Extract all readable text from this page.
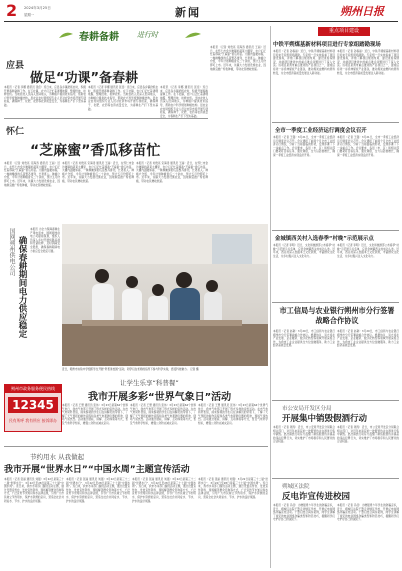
2 2024年3月25日
星期一	新闻	朔州日报
春耕备耕	进行时
应县
做足“功课”备春耕
本报讯（记者 李娜 通讯员 张佳）连日来，应县各乡镇抢抓农时，积极开展春耕备耕工作。在下社镇，农户们正忙着清理地膜、整理田地、检修农机。当地农技人员深入田间地头，为种植户提供技术指导，帮助农户科学规划种植结构。县农业农村局组织专业人员对农资市场开展专项检查，确保种子、化肥、农药等农资质量安全，为春耕生产打下坚实基础。
本报讯（记者 李娜 通讯员 张佳）连日来，应县各乡镇抢抓农时，积极开展春耕备耕工作。在下社镇，农户们正忙着清理地膜、整理田地、检修农机。当地农技人员深入田间地头，为种植户提供技术指导，帮助农户科学规划种植结构。县农业农村局组织专业人员对农资市场开展专项检查，确保种子、化肥、农药等农资质量安全，为春耕生产打下坚实基础。
本报讯（记者 李娜 通讯员 张佳）连日来，应县各乡镇抢抓农时，积极开展春耕备耕工作。在下社镇，农户们正忙着清理地膜、整理田地、检修农机。当地农技人员深入田间地头，为种植户提供技术指导，帮助农户科学规划种植结构。县农业农村局组织专业人员对农资市场开展专项检查，确保种子、化肥、农药等农资质量安全，为春耕生产打下坚实基础。
本报讯（记者 刘贵亮 宋海涛 通讯员 王丽）近日，在怀仁市金沙滩镇的蔬菜大棚里，农户们正忙着移栽“芝麻蜜”香瓜幼苗。大棚内温暖如春，一株株嫩绿的瓜苗整齐排列，长势喜人。种植户介绍，今年计划种植香瓜二十余亩，预计五月份即可上市。近年来，该镇大力发展设施农业，因地制宜推广特色种植，带动农民增收致富。
怀仁
“芝麻蜜”香瓜移苗忙
本报讯（记者 刘贵亮 宋海涛 通讯员 王丽）近日，在怀仁市金沙滩镇的蔬菜大棚里，农户们正忙着移栽“芝麻蜜”香瓜幼苗。大棚内温暖如春，一株株嫩绿的瓜苗整齐排列，长势喜人。种植户介绍，今年计划种植香瓜二十余亩，预计五月份即可上市。近年来，该镇大力发展设施农业，因地制宜推广特色种植，带动农民增收致富。
本报讯（记者 刘贵亮 宋海涛 通讯员 王丽）近日，在怀仁市金沙滩镇的蔬菜大棚里，农户们正忙着移栽“芝麻蜜”香瓜幼苗。大棚内温暖如春，一株株嫩绿的瓜苗整齐排列，长势喜人。种植户介绍，今年计划种植香瓜二十余亩，预计五月份即可上市。近年来，该镇大力发展设施农业，因地制宜推广特色种植，带动农民增收致富。
本报讯（记者 刘贵亮 宋海涛 通讯员 王丽）近日，在怀仁市金沙滩镇的蔬菜大棚里，农户们正忙着移栽“芝麻蜜”香瓜幼苗。大棚内温暖如春，一株株嫩绿的瓜苗整齐排列，长势喜人。种植户介绍，今年计划种植香瓜二十余亩，预计五月份即可上市。近年来，该镇大力发展设施农业，因地制宜推广特色种植，带动农民增收致富。
国网朔州供电公司 确保春耕期间电力供应稳定
本报讯 为全力保障春耕生产用电需求，国网朔州供电公司提前谋划，组织人员深入乡村开展线路巡视和设备检修，及时消除安全隐患，确保春耕期间电力供应安全稳定可靠。
朔州市政务服务便民热线
12345
民有所呼 我有所应 接诉即办
近日，朔州市实验中学组织学生开展“科普进校园”活动，同学们在老师的指导下参与科学实验，感受科技魅力。 记者 摄
让学生乐享“科普餐”
我市开展多彩“世界气象日”活动
本报讯（记者 王慧 通讯员 张伟）3月23日是第64个世界气象日，我市气象部门开展了形式多样的宣传活动。在市气象局科普馆，前来参观的学生们在讲解员的带领下，了解了天气预报的制作流程和各类气象观测仪器的用途，现场气氛热烈。活动通过展板、讲解、互动体验等方式，普及气象科学知识，增强公众防灾减灾意识。
本报讯（记者 王慧 通讯员 张伟）3月23日是第64个世界气象日，我市气象部门开展了形式多样的宣传活动。在市气象局科普馆，前来参观的学生们在讲解员的带领下，了解了天气预报的制作流程和各类气象观测仪器的用途，现场气氛热烈。活动通过展板、讲解、互动体验等方式，普及气象科学知识，增强公众防灾减灾意识。
本报讯（记者 王慧 通讯员 张伟）3月23日是第64个世界气象日，我市气象部门开展了形式多样的宣传活动。在市气象局科普馆，前来参观的学生们在讲解员的带领下，了解了天气预报的制作流程和各类气象观测仪器的用途，现场气氛热烈。活动通过展板、讲解、互动体验等方式，普及气象科学知识，增强公众防灾减灾意识。
节约用水 从我做起
我市开展“世界水日”“中国水周”主题宣传活动
本报讯（记者 张丽 通讯员 刘强）3月22日是第三十二届“世界水日”，3月22日至28日是第三十七届“中国水周”。连日来，我市水务部门围绕活动主题，通过设置宣传台、发放宣传资料、现场解答群众咨询等方式，广泛宣传节水知识和水法律法规，引导广大市民树立节约用水、保护水资源的意识，营造全社会共同爱水、节水、护水的良好氛围。
本报讯（记者 张丽 通讯员 刘强）3月22日是第三十二届“世界水日”，3月22日至28日是第三十七届“中国水周”。连日来，我市水务部门围绕活动主题，通过设置宣传台、发放宣传资料、现场解答群众咨询等方式，广泛宣传节水知识和水法律法规，引导广大市民树立节约用水、保护水资源的意识，营造全社会共同爱水、节水、护水的良好氛围。
本报讯（记者 张丽 通讯员 刘强）3月22日是第三十二届“世界水日”，3月22日至28日是第三十七届“中国水周”。连日来，我市水务部门围绕活动主题，通过设置宣传台、发放宣传资料、现场解答群众咨询等方式，广泛宣传节水知识和水法律法规，引导广大市民树立节约用水、保护水资源的意识，营造全社会共同爱水、节水、护水的良好氛围。
本报讯（记者 张丽 通讯员 刘强）3月22日是第三十二届“世界水日”，3月22日至28日是第三十七届“中国水周”。连日来，我市水务部门围绕活动主题，通过设置宣传台、发放宣传资料、现场解答群众咨询等方式，广泛宣传节水知识和水法律法规，引导广大市民树立节约用水、保护水资源的意识，营造全社会共同爱水、节水、护水的良好氛围。
重点项目建设
中铁平朔煤基新材料项目进行专家组踏勘现场
本报讯（记者 孙春丽）近日，中铁平朔煤基新材料项目迎来专家组现场踏勘。专家组一行实地查看了项目建设现场，详细了解项目规划布局、建设进度等情况，并就项目推进中的重点难点问题进行了深入交流。该项目是我市重点推进的产业项目之一，建成后将进一步延伸煤炭产业链条，推动煤炭由燃料向原料转变，为全市经济高质量发展注入新动能。
本报讯（记者 孙春丽）近日，中铁平朔煤基新材料项目迎来专家组现场踏勘。专家组一行实地查看了项目建设现场，详细了解项目规划布局、建设进度等情况，并就项目推进中的重点难点问题进行了深入交流。该项目是我市重点推进的产业项目之一，建成后将进一步延伸煤炭产业链条，推动煤炭由燃料向原料转变，为全市经济高质量发展注入新动能。
全市一季度工业经济运行调度会议召开
本报讯（记者 王强）3月21日，全市一季度工业经济运行调度会议召开。会议通报了前两个月全市工业经济运行情况，分析了当前面临的形势，安排部署了下一步重点工作。会议要求，各县（市、区）和相关部门要紧盯目标任务，强化调度，全力以赴稳增长，确保一季度工业经济实现良好开局。
本报讯（记者 王强）3月21日，全市一季度工业经济运行调度会议召开。会议通报了前两个月全市工业经济运行情况，分析了当前面临的形势，安排部署了下一步重点工作。会议要求，各县（市、区）和相关部门要紧盯目标任务，强化调度，全力以赴稳增长，确保一季度工业经济实现良好开局。
金城镇西关村入选春季“村晚”示范展示点
本报讯（记者 李明）近日，文化和旅游部公布春季“村晚”示范展示点名单，应县金城镇西关村成功入选。近年来，西关村深入挖掘本土文化资源，丰富群众文化生活，为乡村振兴注入文化动力。
本报讯（记者 李明）近日，文化和旅游部公布春季“村晚”示范展示点名单，应县金城镇西关村成功入选。近年来，西关村深入挖掘本土文化资源，丰富群众文化生活，为乡村振兴注入文化动力。
市工信局与农业银行朔州市分行签署战略合作协议
本报讯（记者 赵敏）3月20日，市工信局与农业银行朔州市分行签署战略合作协议。根据协议，双方将在产业发展、企业融资、数字化转型等领域开展深度合作，为我市工业企业提供全方位金融服务，助力工业经济高质量发展。
本报讯（记者 赵敏）3月20日，市工信局与农业银行朔州市分行签署战略合作协议。根据协议，双方将在产业发展、企业融资、数字化转型等领域开展深度合作，为我市工业企业提供全方位金融服务，助力工业经济高质量发展。
市公安局开发区分局
开展集中销毁假酒行动
本报讯（记者 周涛）近日，市公安局开发区分局联合相关部门，对近年来查获的一批假冒伪劣白酒进行集中销毁。此次销毁行动有力震慑了制售假冒伪劣商品的违法犯罪行为，切实维护了市场秩序和人民群众的合法权益。
本报讯（记者 周涛）近日，市公安局开发区分局联合相关部门，对近年来查获的一批假冒伪劣白酒进行集中销毁。此次销毁行动有力震慑了制售假冒伪劣商品的违法犯罪行为，切实维护了市场秩序和人民群众的合法权益。
朔城区法院
反电诈宣传进校园
本报讯（记者 冯佳）为增强青少年学生的防骗意识，近日，朔城区法院干警走进辖区学校，开展反电信网络诈骗宣传活动。干警们结合真实案例，向学生讲解了常见的电信网络诈骗类型和防范技巧，提醒同学们守护好自己的钱袋子。
本报讯（记者 冯佳）为增强青少年学生的防骗意识，近日，朔城区法院干警走进辖区学校，开展反电信网络诈骗宣传活动。干警们结合真实案例，向学生讲解了常见的电信网络诈骗类型和防范技巧，提醒同学们守护好自己的钱袋子。
